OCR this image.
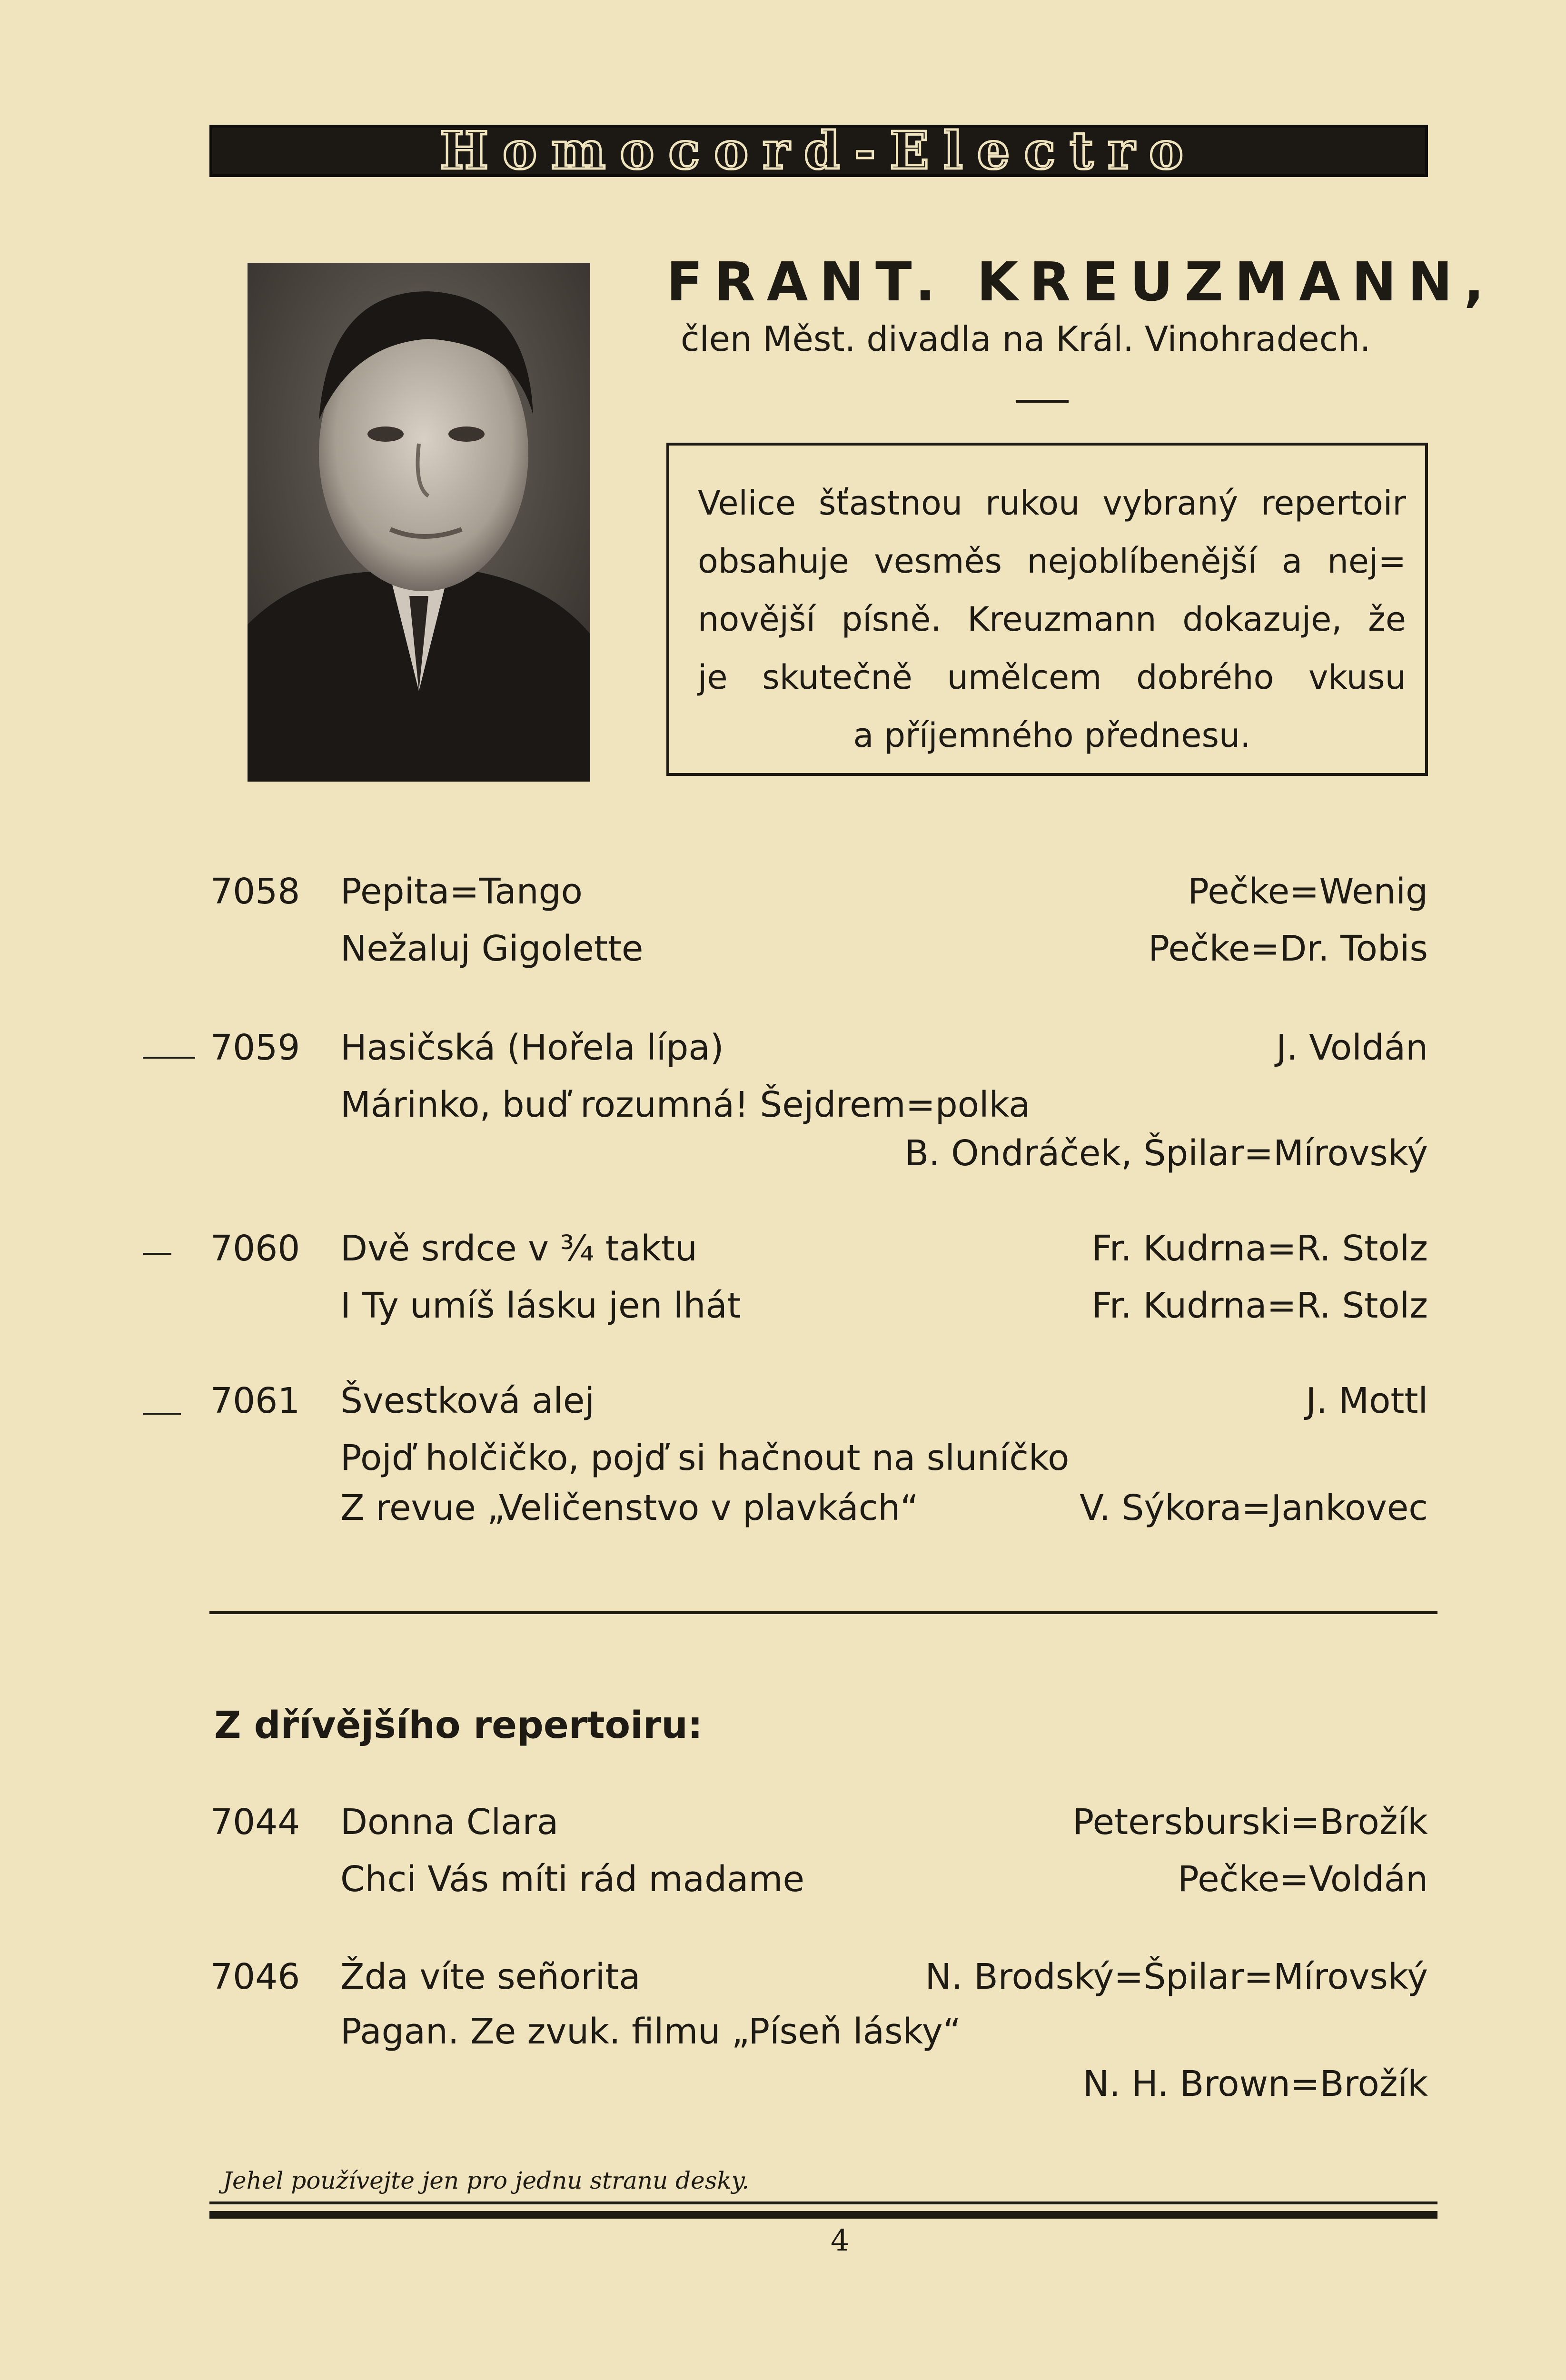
Homocord-Electro
FRANT. KREUZMANN,
člen Měst. divadla na Král. Vinohradech.
Velice šťastnou rukou vybraný repertoir
obsahuje vesměs nejoblíbenější a nej=
novější písně. Kreuzmann dokazuje, že
je skutečně umělcem dobrého vkusu
a příjemného přednesu.
7058 Pepita=Tango	Pečke=Wenig
Nežaluj Gigolette	Pečke=Dr. Tobis
7059 Hasičská (Hořela lípa)	J. Voldán
Márinko, buď rozumná! Šejdrem=polka
B. Ondráček, Špilar=Mírovský
7060 Dvě srdce v ¾ taktu	Fr. Kudrna=R. Stolz
I Ty umíš lásku jen lhát	Fr. Kudrna=R. Stolz
7061 Švestková alej	J. Mottl
Pojď holčičko, pojď si hačnout na sluníčko
Z revue „Veličenstvo v plavkách“	V. Sýkora=Jankovec
Z dřívějšího repertoiru:
7044 Donna Clara	Petersburski=Brožík
Chci Vás míti rád madame	Pečke=Voldán
7046 Žda víte señorita	N. Brodský=Špilar=Mírovský
Pagan. Ze zvuk. filmu „Píseň lásky“
N. H. Brown=Brožík
Jehel používejte jen pro jednu stranu desky.
4
